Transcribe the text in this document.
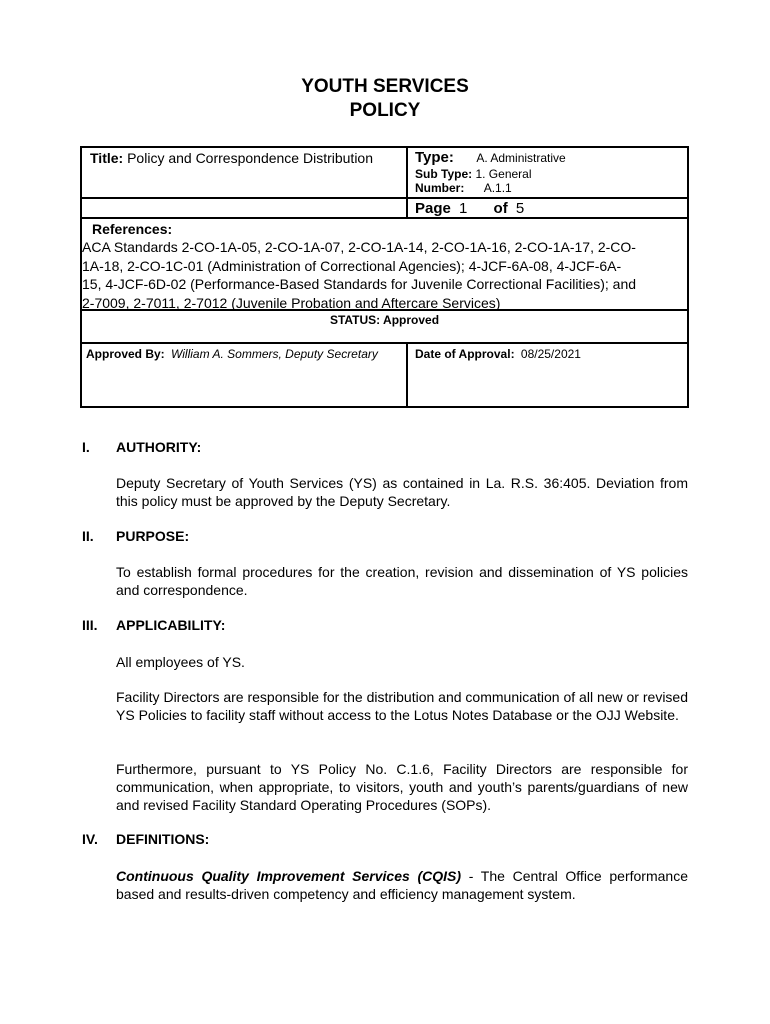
YOUTH SERVICES
POLICY
Title: Policy and Correspondence Distribution	Type: A. Administrative
Sub Type: 1. General
Number: A.1.1
Page 1 of 5
References:
ACA Standards 2-CO-1A-05, 2-CO-1A-07, 2-CO-1A-14, 2-CO-1A-16, 2-CO-1A-17, 2-CO-
1A-18, 2-CO-1C-01 (Administration of Correctional Agencies); 4-JCF-6A-08, 4-JCF-6A-
15, 4-JCF-6D-02 (Performance-Based Standards for Juvenile Correctional Facilities); and
2-7009, 2-7011, 2-7012 (Juvenile Probation and Aftercare Services)
STATUS: Approved
Approved By: William A. Sommers, Deputy Secretary	Date of Approval: 08/25/2021
I. AUTHORITY:
Deputy Secretary of Youth Services (YS) as contained in La. R.S. 36:405. Deviation from this policy must be approved by the Deputy Secretary.
II. PURPOSE:
To establish formal procedures for the creation, revision and dissemination of YS policies and correspondence.
III. APPLICABILITY:
All employees of YS.
Facility Directors are responsible for the distribution and communication of all new or revised YS Policies to facility staff without access to the Lotus Notes Database or the OJJ Website.
Furthermore, pursuant to YS Policy No. C.1.6, Facility Directors are responsible for communication, when appropriate, to visitors, youth and youth’s parents/guardians of new and revised Facility Standard Operating Procedures (SOPs).
IV. DEFINITIONS:
Continuous Quality Improvement Services (CQIS) - The Central Office performance based and results-driven competency and efficiency management system.
